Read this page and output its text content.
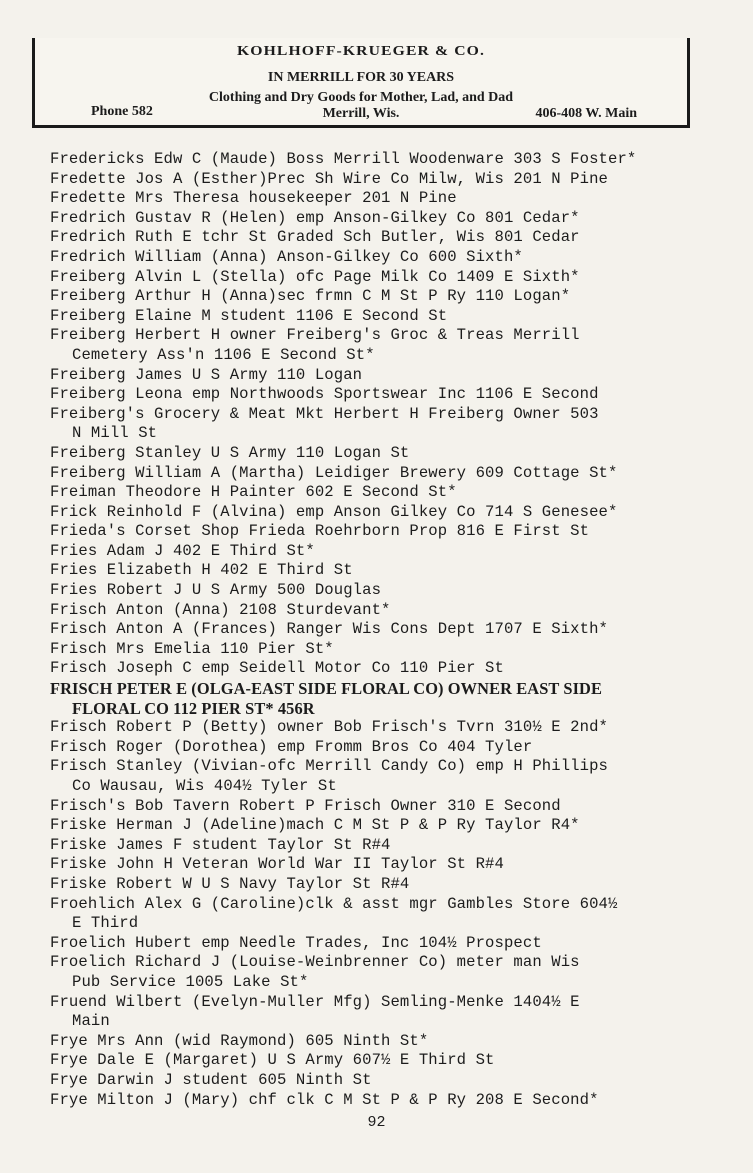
KOHLHOFF-KRUEGER & CO.
IN MERRILL FOR 30 YEARS
Clothing and Dry Goods for Mother, Lad, and Dad
Phone 582	Merrill, Wis.	406-408 W. Main
Fredericks Edw C (Maude) Boss Merrill Woodenware 303 S Foster*
Fredette Jos A (Esther)Prec Sh Wire Co Milw, Wis 201 N Pine
Fredette Mrs Theresa housekeeper 201 N Pine
Fredrich Gustav R (Helen) emp Anson-Gilkey Co 801 Cedar*
Fredrich Ruth E tchr St Graded Sch Butler, Wis 801 Cedar
Fredrich William (Anna) Anson-Gilkey Co 600 Sixth*
Freiberg Alvin L (Stella) ofc Page Milk Co 1409 E Sixth*
Freiberg Arthur H (Anna)sec frmn C M St P Ry 110 Logan*
Freiberg Elaine M student 1106 E Second St
Freiberg Herbert H owner Freiberg's Groc & Treas Merrill
Cemetery Ass'n 1106 E Second St*
Freiberg James U S Army 110 Logan
Freiberg Leona emp Northwoods Sportswear Inc 1106 E Second
Freiberg's Grocery & Meat Mkt Herbert H Freiberg Owner 503
N Mill St
Freiberg Stanley U S Army 110 Logan St
Freiberg William A (Martha) Leidiger Brewery 609 Cottage St*
Freiman Theodore H Painter 602 E Second St*
Frick Reinhold F (Alvina) emp Anson Gilkey Co 714 S Genesee*
Frieda's Corset Shop Frieda Roehrborn Prop 816 E First St
Fries Adam J 402 E Third St*
Fries Elizabeth H 402 E Third St
Fries Robert J U S Army 500 Douglas
Frisch Anton (Anna) 2108 Sturdevant*
Frisch Anton A (Frances) Ranger Wis Cons Dept 1707 E Sixth*
Frisch Mrs Emelia 110 Pier St*
Frisch Joseph C emp Seidell Motor Co 110 Pier St
FRISCH PETER E (OLGA-EAST SIDE FLORAL CO) OWNER EAST SIDE
FLORAL CO 112 PIER ST* 456R
Frisch Robert P (Betty) owner Bob Frisch's Tvrn 310½ E 2nd*
Frisch Roger (Dorothea) emp Fromm Bros Co 404 Tyler
Frisch Stanley (Vivian-ofc Merrill Candy Co) emp H Phillips
Co Wausau, Wis 404½ Tyler St
Frisch's Bob Tavern Robert P Frisch Owner 310 E Second
Friske Herman J (Adeline)mach C M St P & P Ry Taylor R4*
Friske James F student Taylor St R#4
Friske John H Veteran World War II Taylor St R#4
Friske Robert W U S Navy Taylor St R#4
Froehlich Alex G (Caroline)clk & asst mgr Gambles Store 604½
E Third
Froelich Hubert emp Needle Trades, Inc 104½ Prospect
Froelich Richard J (Louise-Weinbrenner Co) meter man Wis
Pub Service 1005 Lake St*
Fruend Wilbert (Evelyn-Muller Mfg) Semling-Menke 1404½ E
Main
Frye Mrs Ann (wid Raymond) 605 Ninth St*
Frye Dale E (Margaret) U S Army 607½ E Third St
Frye Darwin J student 605 Ninth St
Frye Milton J (Mary) chf clk C M St P & P Ry 208 E Second*
92
